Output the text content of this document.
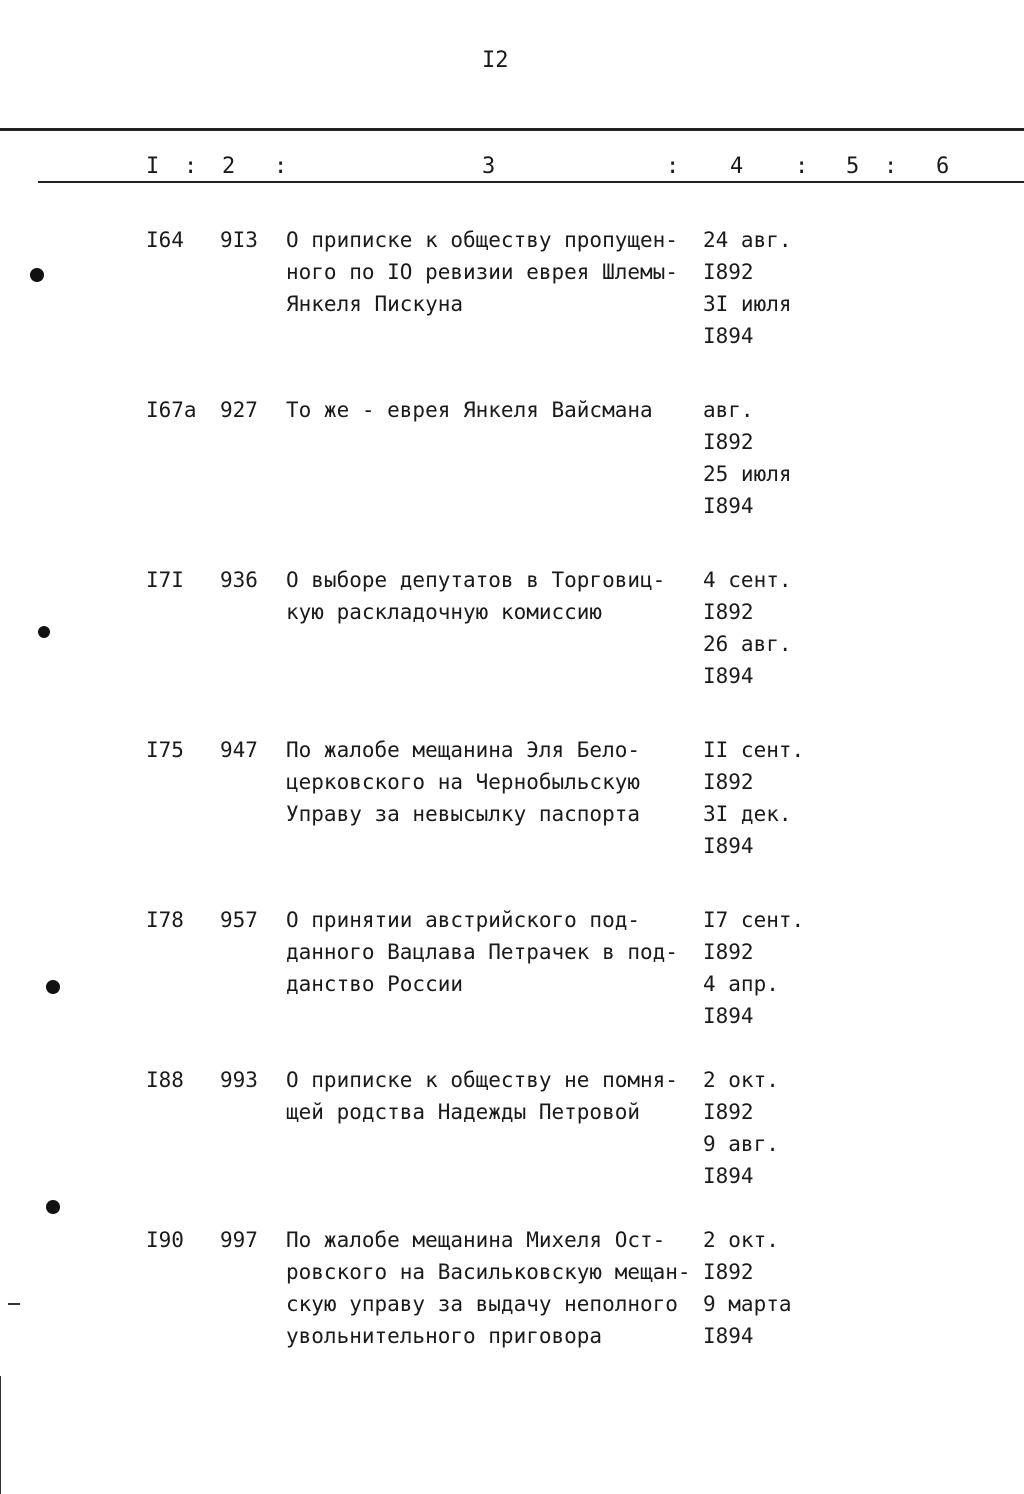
I2
I : 2 :	3	: 4 : 5 : 6
I64 9I3 О приписке к обществу пропущен-
ного по IO ревизии еврея Шлемы-
Янкеля Пискуна
24 авг.
I892
3I июля
I894
I67а 927 То же - еврея Янкеля Вайсмана авг.
I892
25 июля
I894
I7I 936 О выборе депутатов в Торговиц-
кую раскладочную комиссию
4 сент.
I892
26 авг.
I894
I75 947 По жалобе мещанина Эля Бело-
церковского на Чернобыльскую
Управу за невысылку паспорта
II сент.
I892
3I дек.
I894
I78 957 О принятии австрийского под-
данного Вацлава Петрачек в под-
данство России
I7 сент.
I892
4 апр.
I894
I88 993 О приписке к обществу не помня-
щей родства Надежды Петровой
2 окт.
I892
9 авг.
I894
I90 997 По жалобе мещанина Михеля Ост-
ровского на Васильковскую мещан-
скую управу за выдачу неполного
увольнительного приговора
2 окт.
I892
9 марта
I894
